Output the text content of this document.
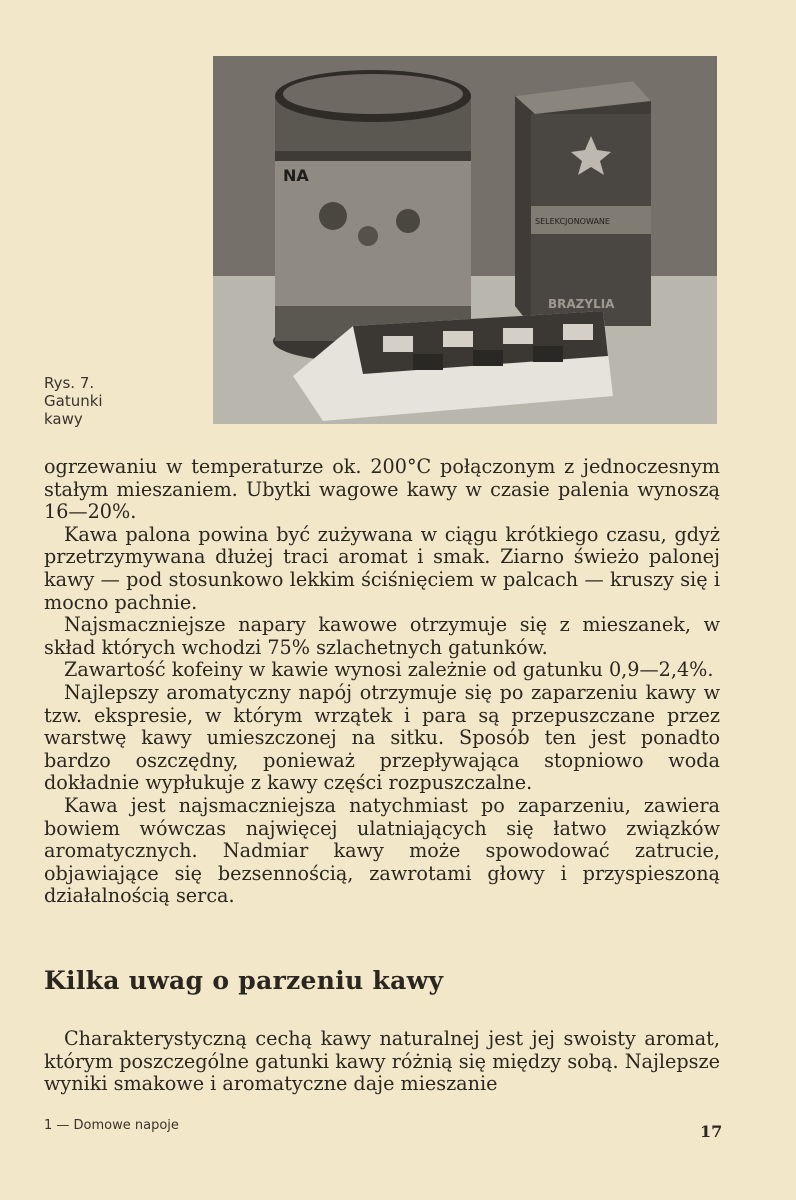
NA
SELEKCJONOWANE
BRAZYLIA
Rys. 7.
Gatunki
kawy

ogrzewaniu w temperaturze ok. 200°C połączonym z jednoczesnym stałym mieszaniem. Ubytki wagowe kawy w czasie palenia wynoszą 16—20%.

Kawa palona powina być zużywana w ciągu krótkiego czasu, gdyż przetrzymywana dłużej traci aromat i smak. Ziarno świeżo palonej kawy — pod stosunkowo lekkim ściśnięciem w palcach — kruszy się i mocno pachnie.

Najsmaczniejsze napary kawowe otrzymuje się z mieszanek, w skład których wchodzi 75% szlachetnych gatunków.

Zawartość kofeiny w kawie wynosi zależnie od gatunku 0,9—2,4%.

Najlepszy aromatyczny napój otrzymuje się po zaparzeniu kawy w tzw. ekspresie, w którym wrzątek i para są przepuszczane przez warstwę kawy umieszczonej na sitku. Sposób ten jest ponadto bardzo oszczędny, ponieważ przepływająca stopniowo woda dokładnie wypłukuje z kawy części rozpuszczalne.

Kawa jest najsmaczniejsza natychmiast po zaparzeniu, zawiera bowiem wówczas najwięcej ulatniających się łatwo związków aromatycznych. Nadmiar kawy może spowodować zatrucie, objawiające się bezsennością, zawrotami głowy i przyspieszoną działalnością serca.

Kilka uwag o parzeniu kawy

Charakterystyczną cechą kawy naturalnej jest jej swoisty aromat, którym poszczególne gatunki kawy różnią się między sobą. Najlepsze wyniki smakowe i aromatyczne daje mieszanie

1 — Domowe napoje	17
